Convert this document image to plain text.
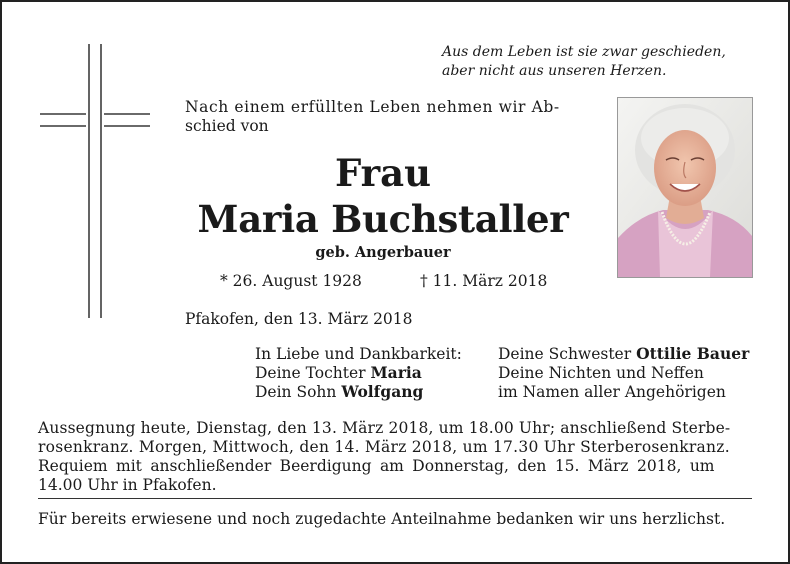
Aus dem Leben ist sie zwar geschieden,
aber nicht aus unseren Herzen.
Nach einem erfüllten Leben nehmen wir Ab-
schied von
Frau
Maria Buchstaller
geb. Angerbauer
* 26. August 1928	† 11. März 2018
Pfakofen, den 13. März 2018
In Liebe und Dankbarkeit:
Deine Tochter Maria
Dein Sohn Wolfgang
Deine Schwester Ottilie Bauer
Deine Nichten und Neffen
im Namen aller Angehörigen
Aussegnung heute, Dienstag, den 13. März 2018, um 18.00 Uhr; anschließend Sterbe-
rosenkranz. Morgen, Mittwoch, den 14. März 2018, um 17.30 Uhr Sterberosenkranz.
Requiem mit anschließender Beerdigung am Donnerstag, den 15. März 2018, um
14.00 Uhr in Pfakofen.
Für bereits erwiesene und noch zugedachte Anteilnahme bedanken wir uns herzlichst.
